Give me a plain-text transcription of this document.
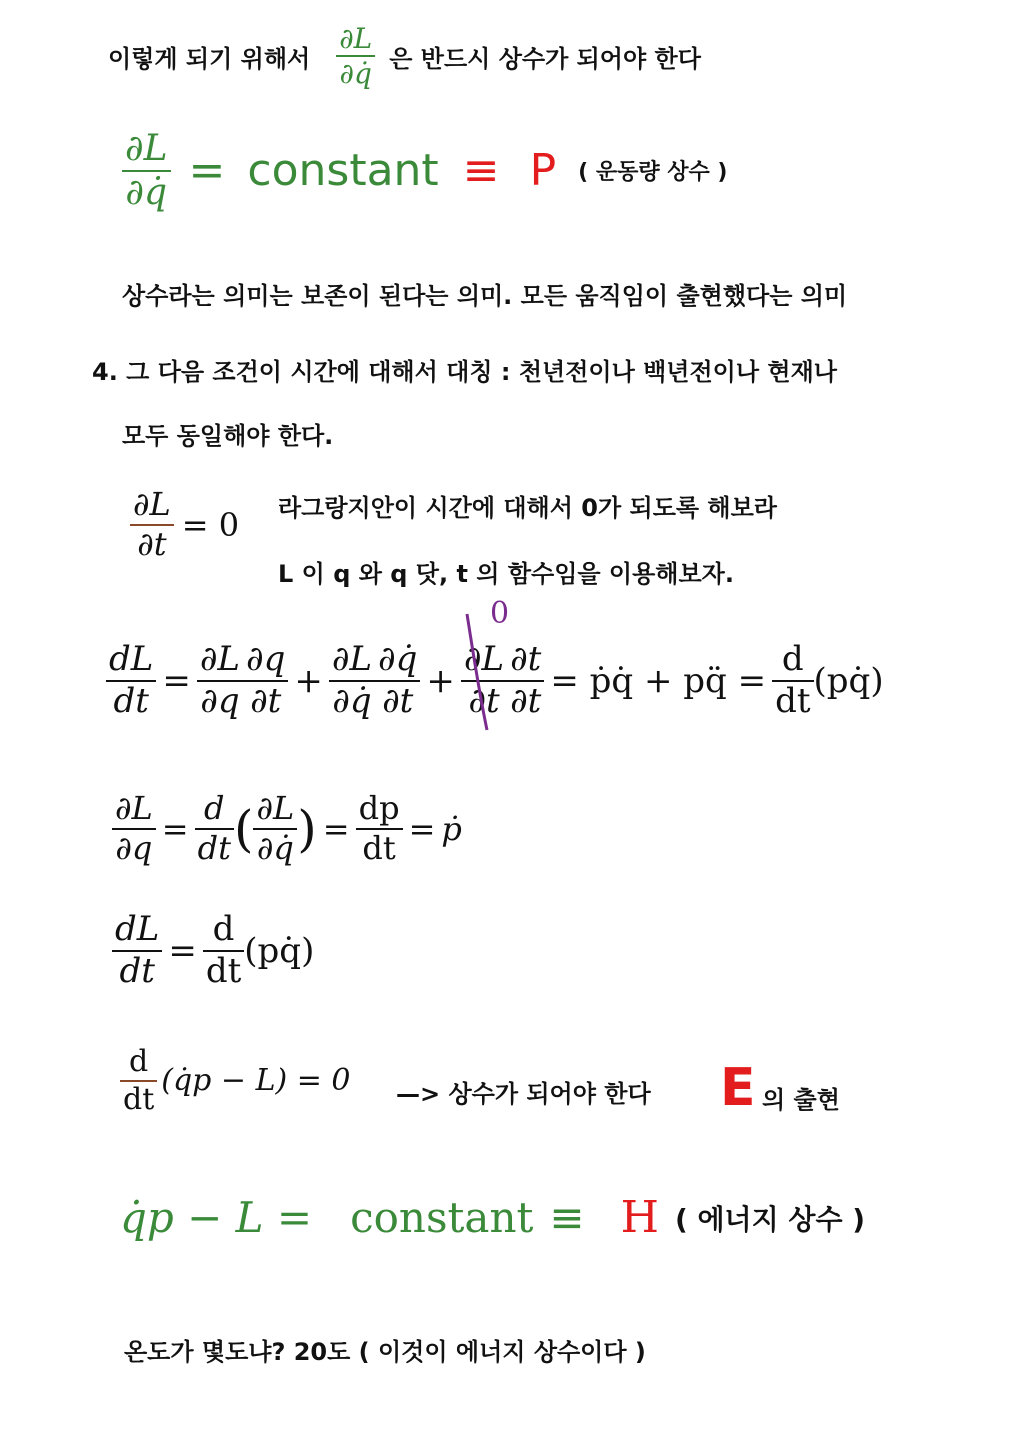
이렇게 되기 위해서 $\frac{\partial L}{\partial q̇}$ 은 반드시 상수가 되어야 한다
$\frac{\partial L}{\partial q̇}$ = constant ≡ P ( 운동량 상수 )
상수라는 의미는 보존이 된다는 의미. 모든 움직임이 출현했다는 의미
4. 그 다음 조건이 시간에 대해서 대칭 : 천년전이나 백년전이나 현재나
모두 동일해야 한다.
$\frac{\partial L}{\partial t} = 0$ 라그랑지안이 시간에 대해서 0가 되도록 해보라
L 이 q 와 q 닷, t 의 함수임을 이용해보자.
0
$\frac{dL}{dt} = \frac{\partial L}{\partial q} \frac{\partial q}{\partial t} + \frac{\partial L}{\partial q̇} \frac{\partial q̇}{\partial t} + \frac{\partial L}{\partial t} \frac{\partial t}{\partial t}$ = ṗq̇ + pq̈ = $\frac{d}{dt}$ (pq̇)
$\frac{\partial L}{\partial q} = \frac{d}{dt}$ ( $\frac{\partial L}{\partial q̇}$ ) = $\frac{dp}{dt}$ = ṗ
$\frac{dL}{dt} = \frac{d}{dt}$ (pq̇)
$\frac{d}{dt}$ (q̇p − L) = 0 —> 상수가 되어야 한다 E 의 출현
q̇p − L = constant ≡ H ( 에너지 상수 )
온도가 몇도냐? 20도 ( 이것이 에너지 상수이다 )
